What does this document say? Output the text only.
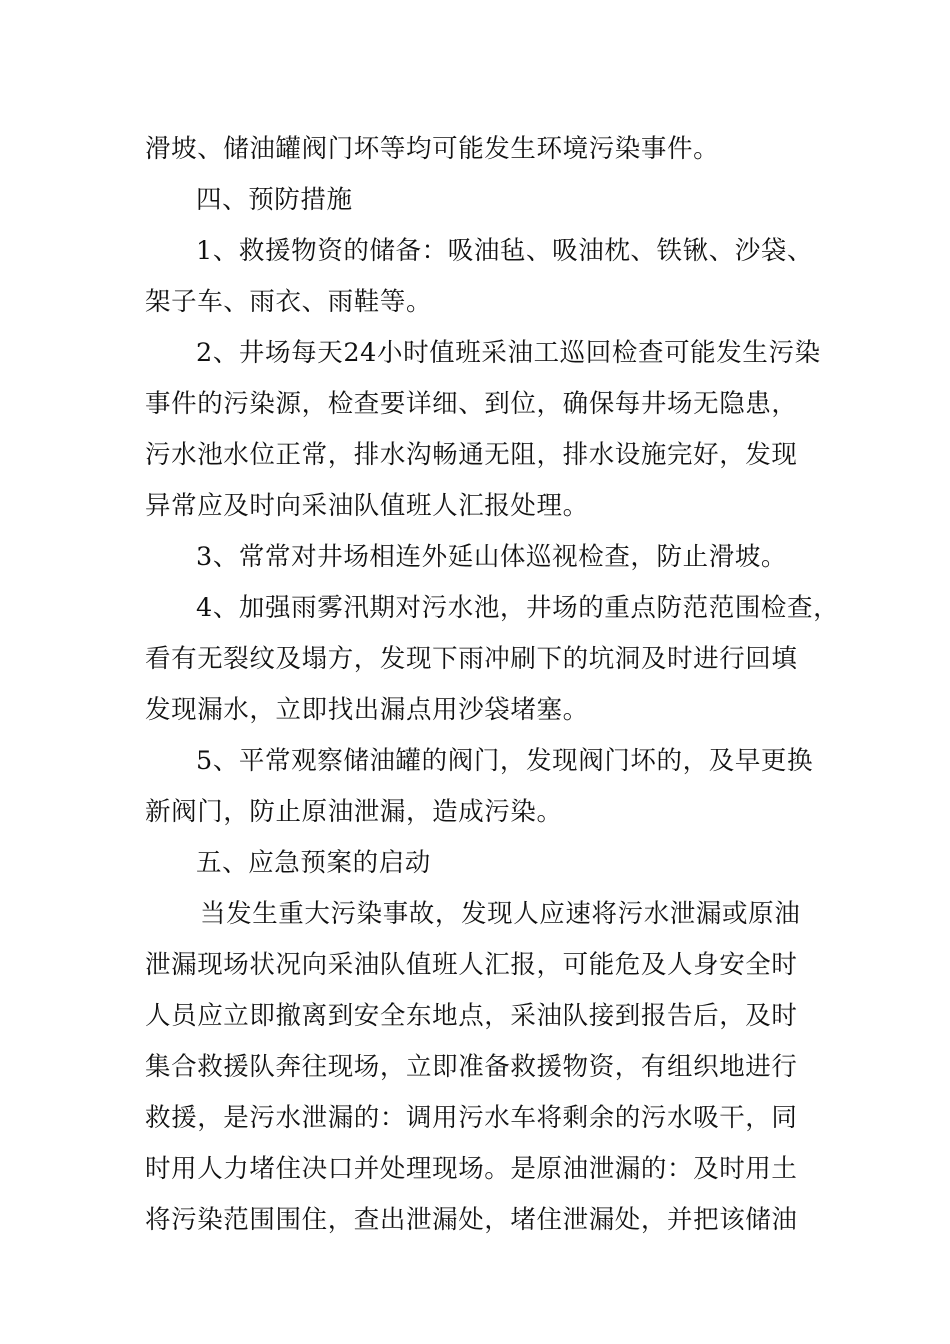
滑坡、储油罐阀门坏等均可能发生环境污染事件。
四、预防措施
1、救援物资的储备：吸油毡、吸油枕、铁锹、沙袋、
架子车、雨衣、雨鞋等。
2、井场每天24小时值班采油工巡回检查可能发生污染
事件的污染源，检查要详细、到位，确保每井场无隐患，
污水池水位正常，排水沟畅通无阻，排水设施完好，发现
异常应及时向采油队值班人汇报处理。
3、常常对井场相连外延山体巡视检查，防止滑坡。
4、加强雨雾汛期对污水池，井场的重点防范范围检查，
看有无裂纹及塌方，发现下雨冲刷下的坑洞及时进行回填
发现漏水，立即找出漏点用沙袋堵塞。
5、平常观察储油罐的阀门，发现阀门坏的，及早更换
新阀门，防止原油泄漏，造成污染。
五、应急预案的启动
当发生重大污染事故，发现人应速将污水泄漏或原油
泄漏现场状况向采油队值班人汇报，可能危及人身安全时
人员应立即撤离到安全东地点，采油队接到报告后，及时
集合救援队奔往现场，立即准备救援物资，有组织地进行
救援，是污水泄漏的：调用污水车将剩余的污水吸干，同
时用人力堵住决口并处理现场。是原油泄漏的：及时用土
将污染范围围住，查出泄漏处，堵住泄漏处，并把该储油
